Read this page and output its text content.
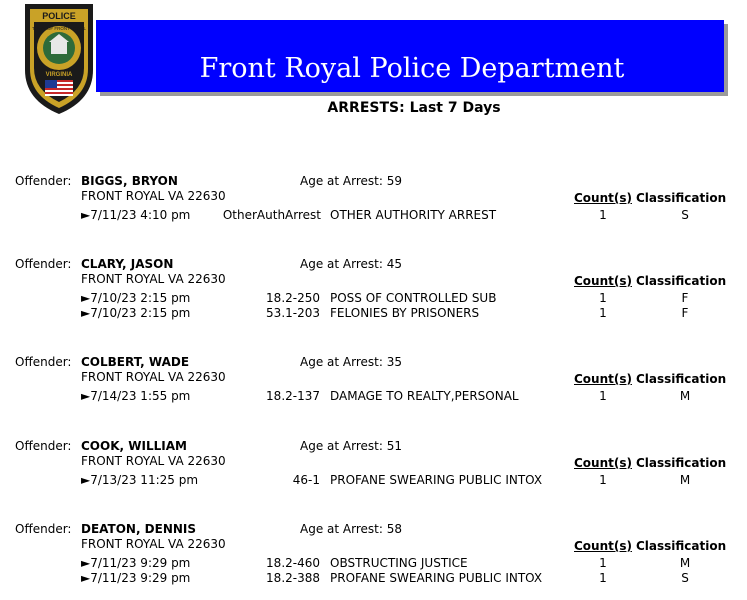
POLICE
TOWN OF FRONT ROYAL
VIRGINIA	Front Royal Police Department
ARRESTS: Last 7 Days
Offender: BIGGS, BRYON	Age at Arrest: 59
FRONT ROYAL VA 22630	Count(s) Classification
►7/11/23 4:10 pm	OtherAuthArrest OTHER AUTHORITY ARREST	1	S
Offender: CLARY, JASON	Age at Arrest: 45
FRONT ROYAL VA 22630	Count(s) Classification
►7/10/23 2:15 pm	18.2-250 POSS OF CONTROLLED SUB	1	F
►7/10/23 2:15 pm	53.1-203 FELONIES BY PRISONERS	1	F
Offender: COLBERT, WADE	Age at Arrest: 35
FRONT ROYAL VA 22630	Count(s) Classification
►7/14/23 1:55 pm	18.2-137 DAMAGE TO REALTY,PERSONAL	1	M
Offender: COOK, WILLIAM	Age at Arrest: 51
FRONT ROYAL VA 22630	Count(s) Classification
►7/13/23 11:25 pm	46-1 PROFANE SWEARING PUBLIC INTOX	1	M
Offender: DEATON, DENNIS	Age at Arrest: 58
FRONT ROYAL VA 22630	Count(s) Classification
►7/11/23 9:29 pm	18.2-460 OBSTRUCTING JUSTICE	1	M
►7/11/23 9:29 pm	18.2-388 PROFANE SWEARING PUBLIC INTOX	1	S
